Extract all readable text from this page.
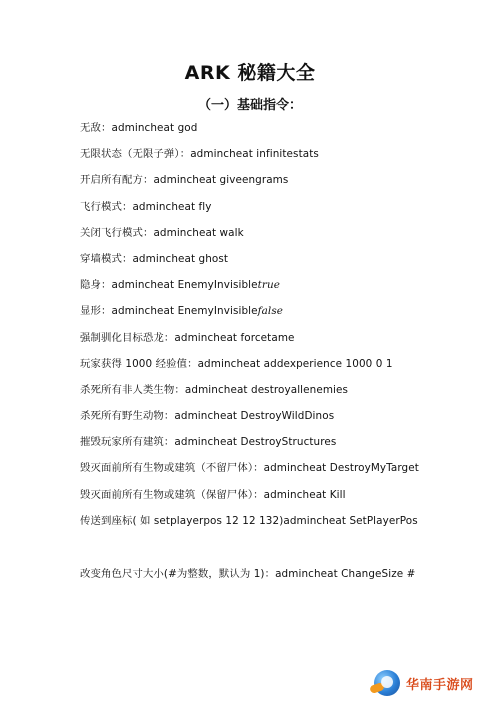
ARK 秘籍大全
（一）基础指令：
无敌：admincheat god
无限状态（无限子弹）：admincheat infinitestats
开启所有配方：admincheat giveengrams
飞行模式：admincheat fly
关闭飞行模式：admincheat walk
穿墙模式：admincheat ghost
隐身：admincheat EnemyInvisibletrue
显形：admincheat EnemyInvisiblefalse
强制驯化目标恐龙：admincheat forcetame
玩家获得 1000 经验值：admincheat addexperience 1000 0 1
杀死所有非人类生物：admincheat destroyallenemies
杀死所有野生动物：admincheat DestroyWildDinos
摧毁玩家所有建筑：admincheat DestroyStructures
毁灭面前所有生物或建筑（不留尸体）：admincheat DestroyMyTarget
毁灭面前所有生物或建筑（保留尸体）：admincheat Kill
传送到座标( 如 setplayerpos 12 12 132)admincheat SetPlayerPos
改变角色尺寸大小(#为整数，默认为 1)：admincheat ChangeSize #
华南手游网
